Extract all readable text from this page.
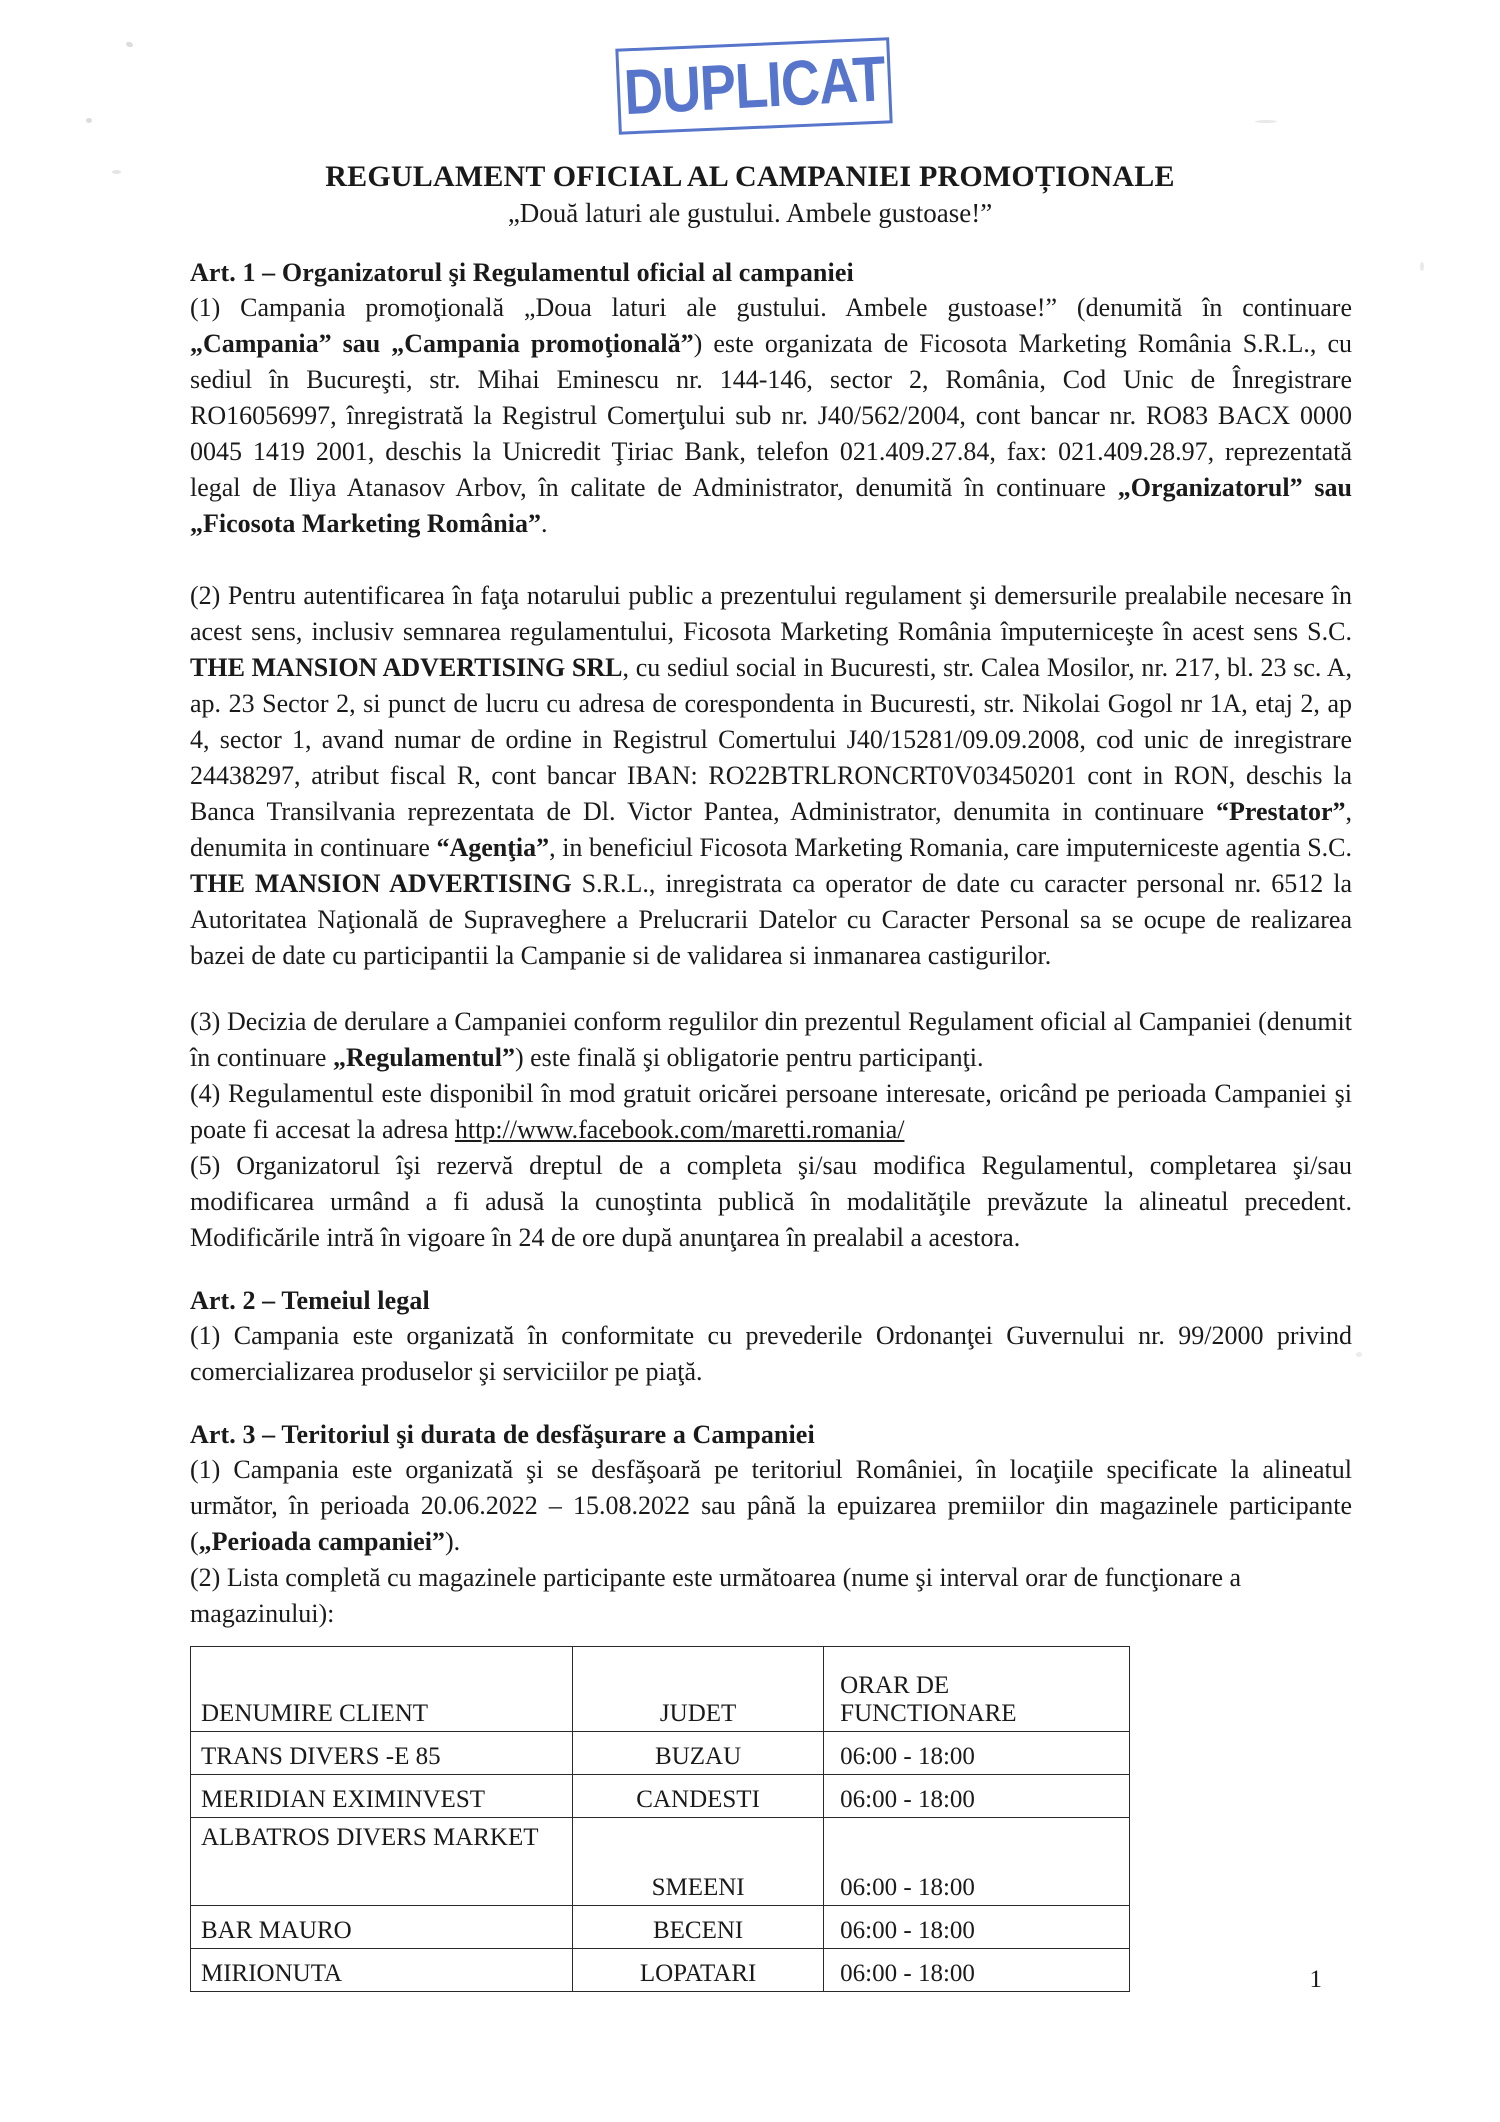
DUPLICAT
REGULAMENT OFICIAL AL CAMPANIEI PROMOȚIONALE
„Două laturi ale gustului. Ambele gustoase!”
Art. 1 – Organizatorul şi Regulamentul oficial al campaniei

(1) Campania promoţională „Doua laturi ale gustului. Ambele gustoase!” (denumită în continuare „Campania” sau „Campania promoţională”) este organizata de Ficosota Marketing România S.R.L., cu sediul în Bucureşti, str. Mihai Eminescu nr. 144-146, sector 2, România, Cod Unic de Înregistrare RO16056997, înregistrată la Registrul Comerţului sub nr. J40/562/2004, cont bancar nr. RO83 BACX 0000 0045 1419 2001, deschis la Unicredit Ţiriac Bank, telefon 021.409.27.84, fax: 021.409.28.97, reprezentată legal de Iliya Atanasov Arbov, în calitate de Administrator, denumită în continuare „Organizatorul” sau „Ficosota Marketing România”.

(2) Pentru autentificarea în faţa notarului public a prezentului regulament şi demersurile prealabile necesare în acest sens, inclusiv semnarea regulamentului, Ficosota Marketing România împuterniceşte în acest sens S.C. THE MANSION ADVERTISING SRL, cu sediul social in Bucuresti, str. Calea Mosilor, nr. 217, bl. 23 sc. A, ap. 23 Sector 2, si punct de lucru cu adresa de corespondenta in Bucuresti, str. Nikolai Gogol nr 1A, etaj 2, ap 4, sector 1, avand numar de ordine in Registrul Comertului J40/15281/09.09.2008, cod unic de inregistrare 24438297, atribut fiscal R, cont bancar IBAN: RO22BTRLRONCRT0V03450201 cont in RON, deschis la Banca Transilvania reprezentata de Dl. Victor Pantea, Administrator, denumita in continuare “Prestator”, denumita in continuare “Agenţia”, in beneficiul Ficosota Marketing Romania, care imputerniceste agentia S.C. THE MANSION ADVERTISING S.R.L., inregistrata ca operator de date cu caracter personal nr. 6512 la Autoritatea Naţională de Supraveghere a Prelucrarii Datelor cu Caracter Personal sa se ocupe de realizarea bazei de date cu participantii la Campanie si de validarea si inmanarea castigurilor.

(3) Decizia de derulare a Campaniei conform regulilor din prezentul Regulament oficial al Campaniei (denumit în continuare „Regulamentul”) este finală şi obligatorie pentru participanţi.

(4) Regulamentul este disponibil în mod gratuit oricărei persoane interesate, oricând pe perioada Campaniei şi poate fi accesat la adresa http://www.facebook.com/maretti.romania/

(5) Organizatorul îşi rezervă dreptul de a completa şi/sau modifica Regulamentul, completarea şi/sau modificarea urmând a fi adusă la cunoştinta publică în modalităţile prevăzute la alineatul precedent. Modificările intră în vigoare în 24 de ore după anunţarea în prealabil a acestora.

Art. 2 – Temeiul legal

(1) Campania este organizată în conformitate cu prevederile Ordonanţei Guvernului nr. 99/2000 privind comercializarea produselor şi serviciilor pe piaţă.

Art. 3 – Teritoriul şi durata de desfăşurare a Campaniei

(1) Campania este organizată şi se desfăşoară pe teritoriul României, în locaţiile specificate la alineatul următor, în perioada 20.06.2022 – 15.08.2022 sau până la epuizarea premiilor din magazinele participante („Perioada campaniei”).

(2) Lista completă cu magazinele participante este următoarea (nume şi interval orar de funcţionare a magazinului):

DENUMIRE CLIENT	JUDET	ORAR DE FUNCTIONARE
TRANS DIVERS -E 85	BUZAU	06:00 - 18:00
MERIDIAN EXIMINVEST	CANDESTI	06:00 - 18:00
ALBATROS DIVERS MARKET	SMEENI	06:00 - 18:00
BAR MAURO	BECENI	06:00 - 18:00
MIRIONUTA	LOPATARI	06:00 - 18:00	1
